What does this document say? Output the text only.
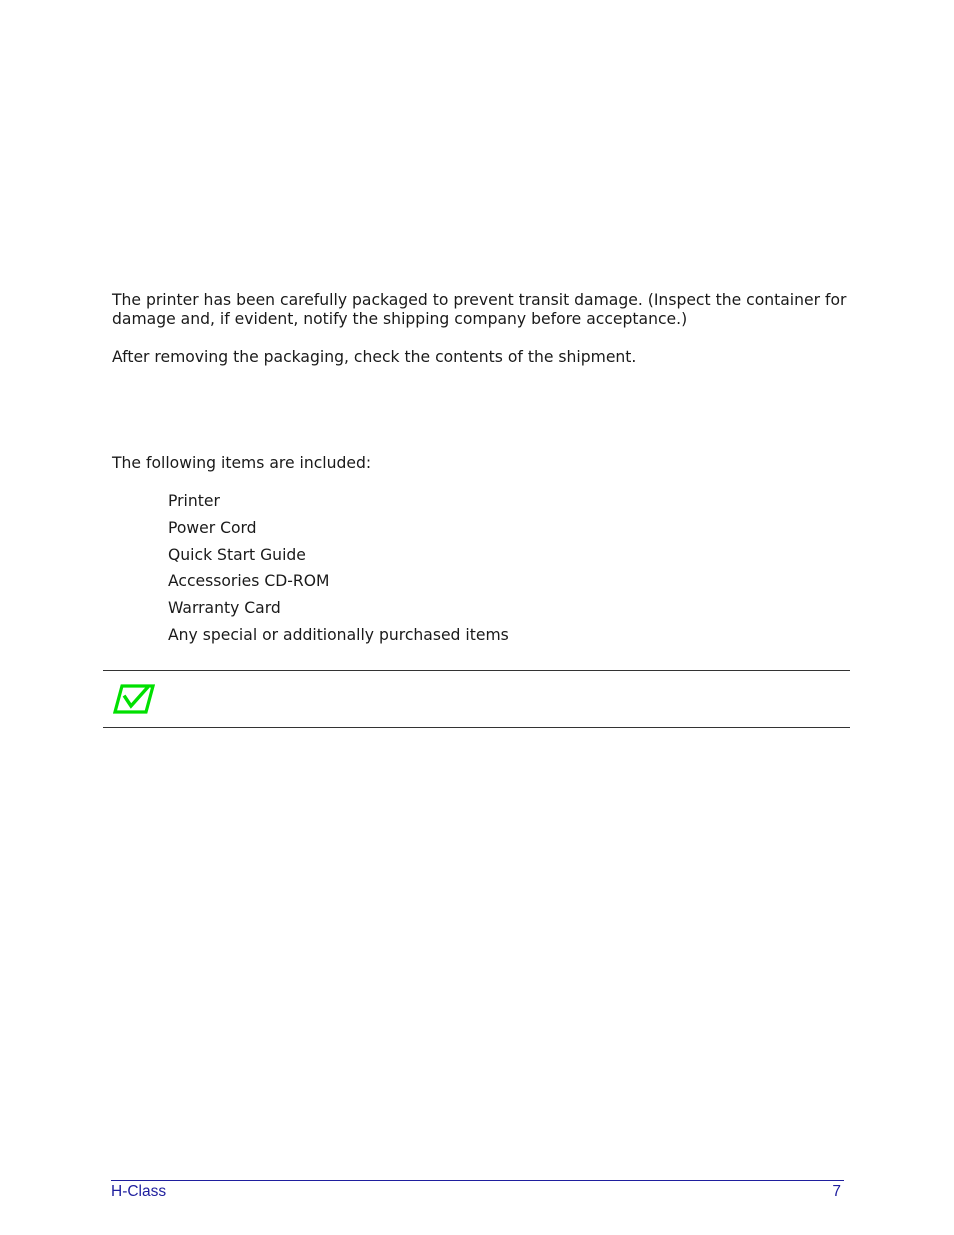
The printer has been carefully packaged to prevent transit damage. (Inspect the container for damage and, if evident, notify the shipping company before acceptance.)

After removing the packaging, check the contents of the shipment.

The following items are included:

Printer
Power Cord
Quick Start Guide
Accessories CD-ROM
Warranty Card
Any special or additionally purchased items
H-Class	7
